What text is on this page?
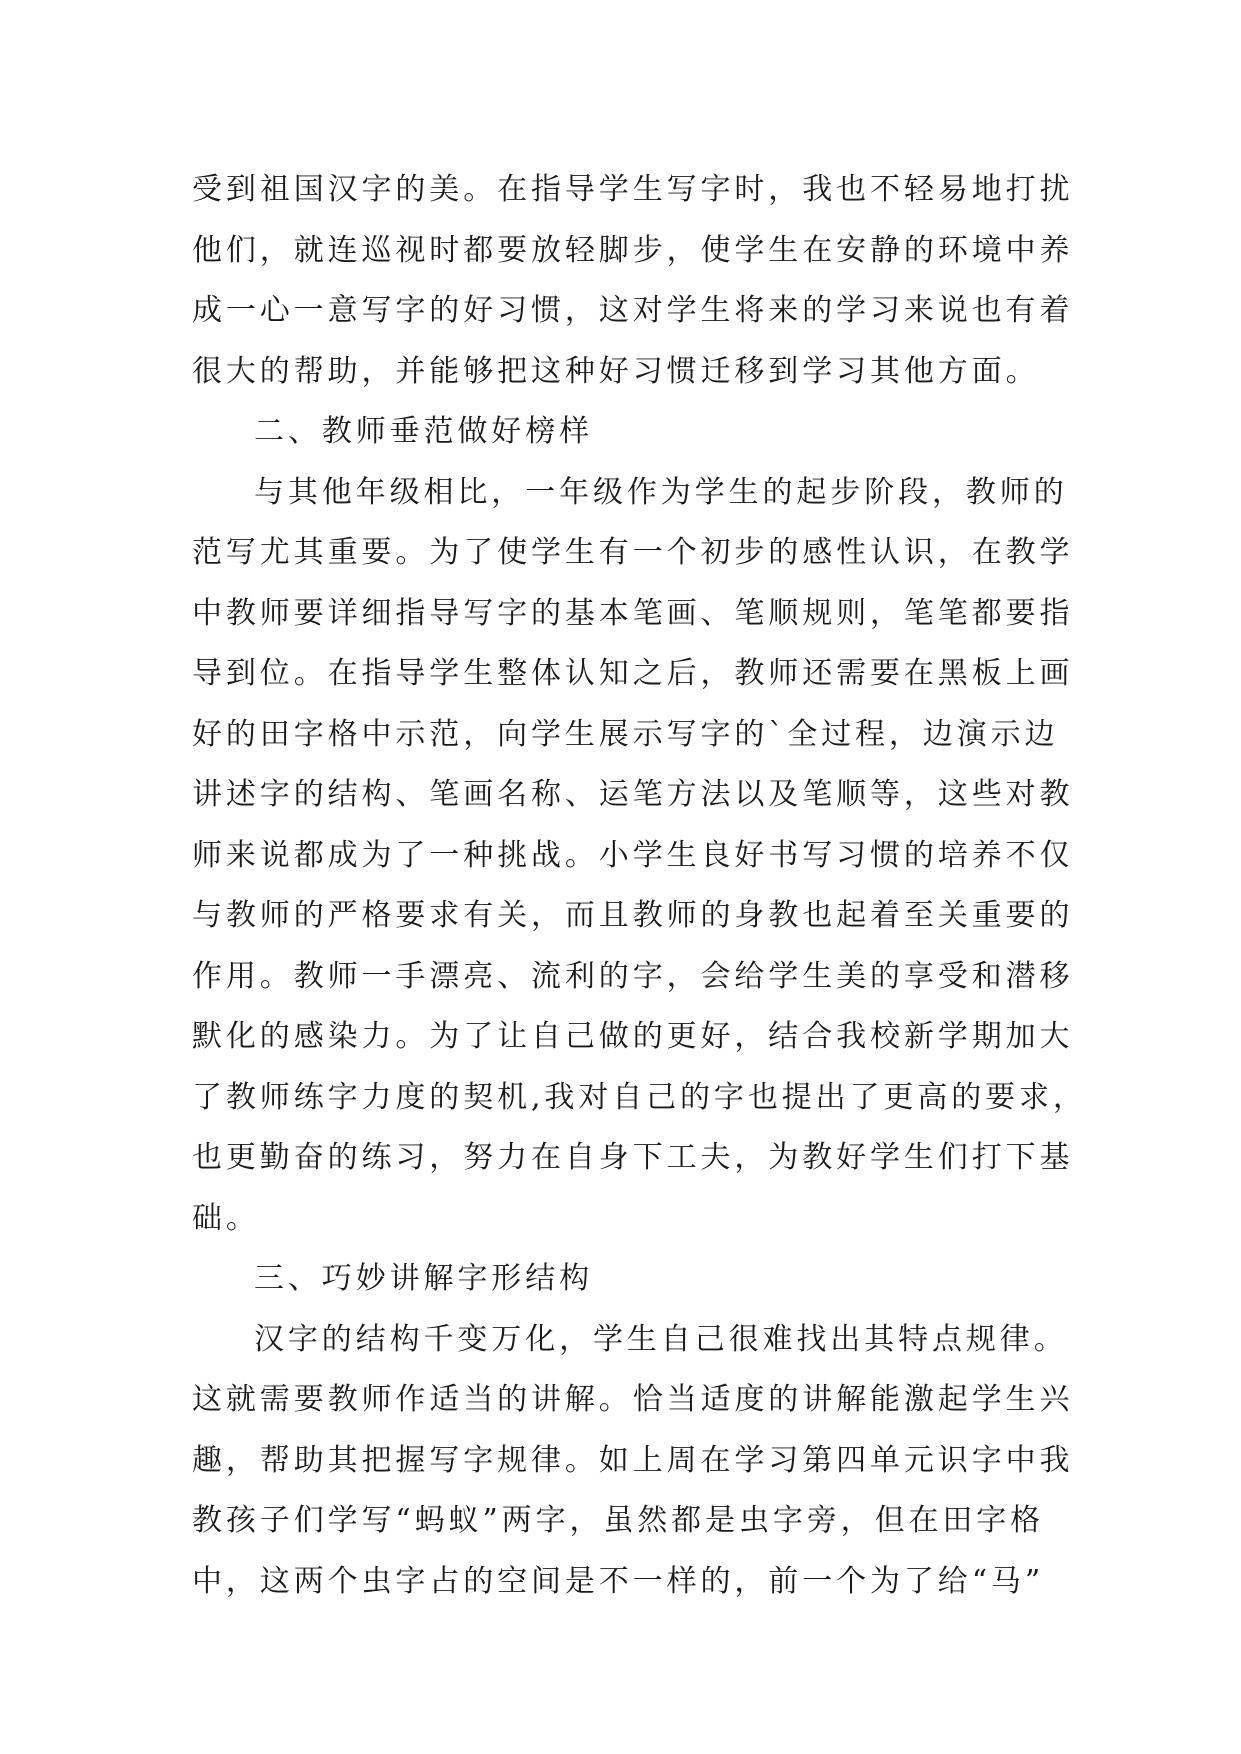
受到祖国汉字的美。在指导学生写字时，我也不轻易地打扰
他们，就连巡视时都要放轻脚步，使学生在安静的环境中养
成一心一意写字的好习惯，这对学生将来的学习来说也有着
很大的帮助，并能够把这种好习惯迁移到学习其他方面。
二、教师垂范做好榜样
与其他年级相比，一年级作为学生的起步阶段，教师的
范写尤其重要。为了使学生有一个初步的感性认识，在教学
中教师要详细指导写字的基本笔画、笔顺规则，笔笔都要指
导到位。在指导学生整体认知之后，教师还需要在黑板上画
好的田字格中示范，向学生展示写字的`全过程，边演示边
讲述字的结构、笔画名称、运笔方法以及笔顺等，这些对教
师来说都成为了一种挑战。小学生良好书写习惯的培养不仅
与教师的严格要求有关，而且教师的身教也起着至关重要的
作用。教师一手漂亮、流利的字，会给学生美的享受和潜移
默化的感染力。为了让自己做的更好，结合我校新学期加大
了教师练字力度的契机,我对自己的字也提出了更高的要求，
也更勤奋的练习，努力在自身下工夫，为教好学生们打下基
础。
三、巧妙讲解字形结构
汉字的结构千变万化，学生自己很难找出其特点规律。
这就需要教师作适当的讲解。恰当适度的讲解能激起学生兴
趣，帮助其把握写字规律。如上周在学习第四单元识字中我
教孩子们学写“蚂蚁”两字，虽然都是虫字旁，但在田字格
中，这两个虫字占的空间是不一样的，前一个为了给“马”
